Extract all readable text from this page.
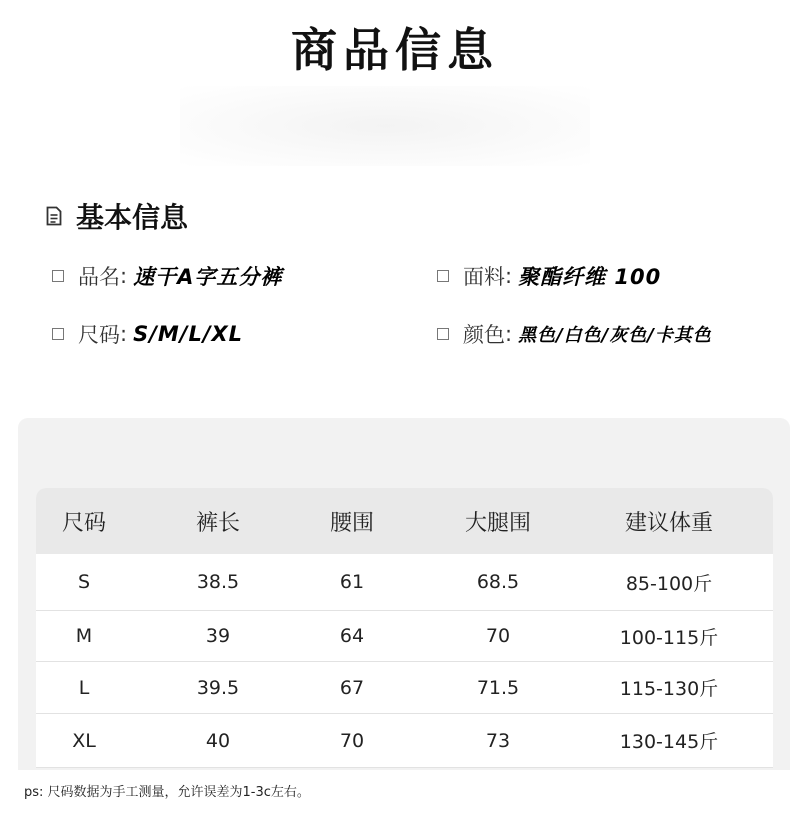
商品信息
基本信息
品名 : 速干A字五分裤	面料 : 聚酯纤维 100
尺码 : S/M/L/XL	颜色 : 黑色/白色/灰色/卡其色
尺码	裤长	腰围	大腿围	建议体重
S	38.5	61	68.5	85-100斤
M	39	64	70	100-115斤
L	39.5	67	71.5	115-130斤
XL	40	70	73	130-145斤
ps: 尺码数据为手工测量，允许误差为1-3c左右。
